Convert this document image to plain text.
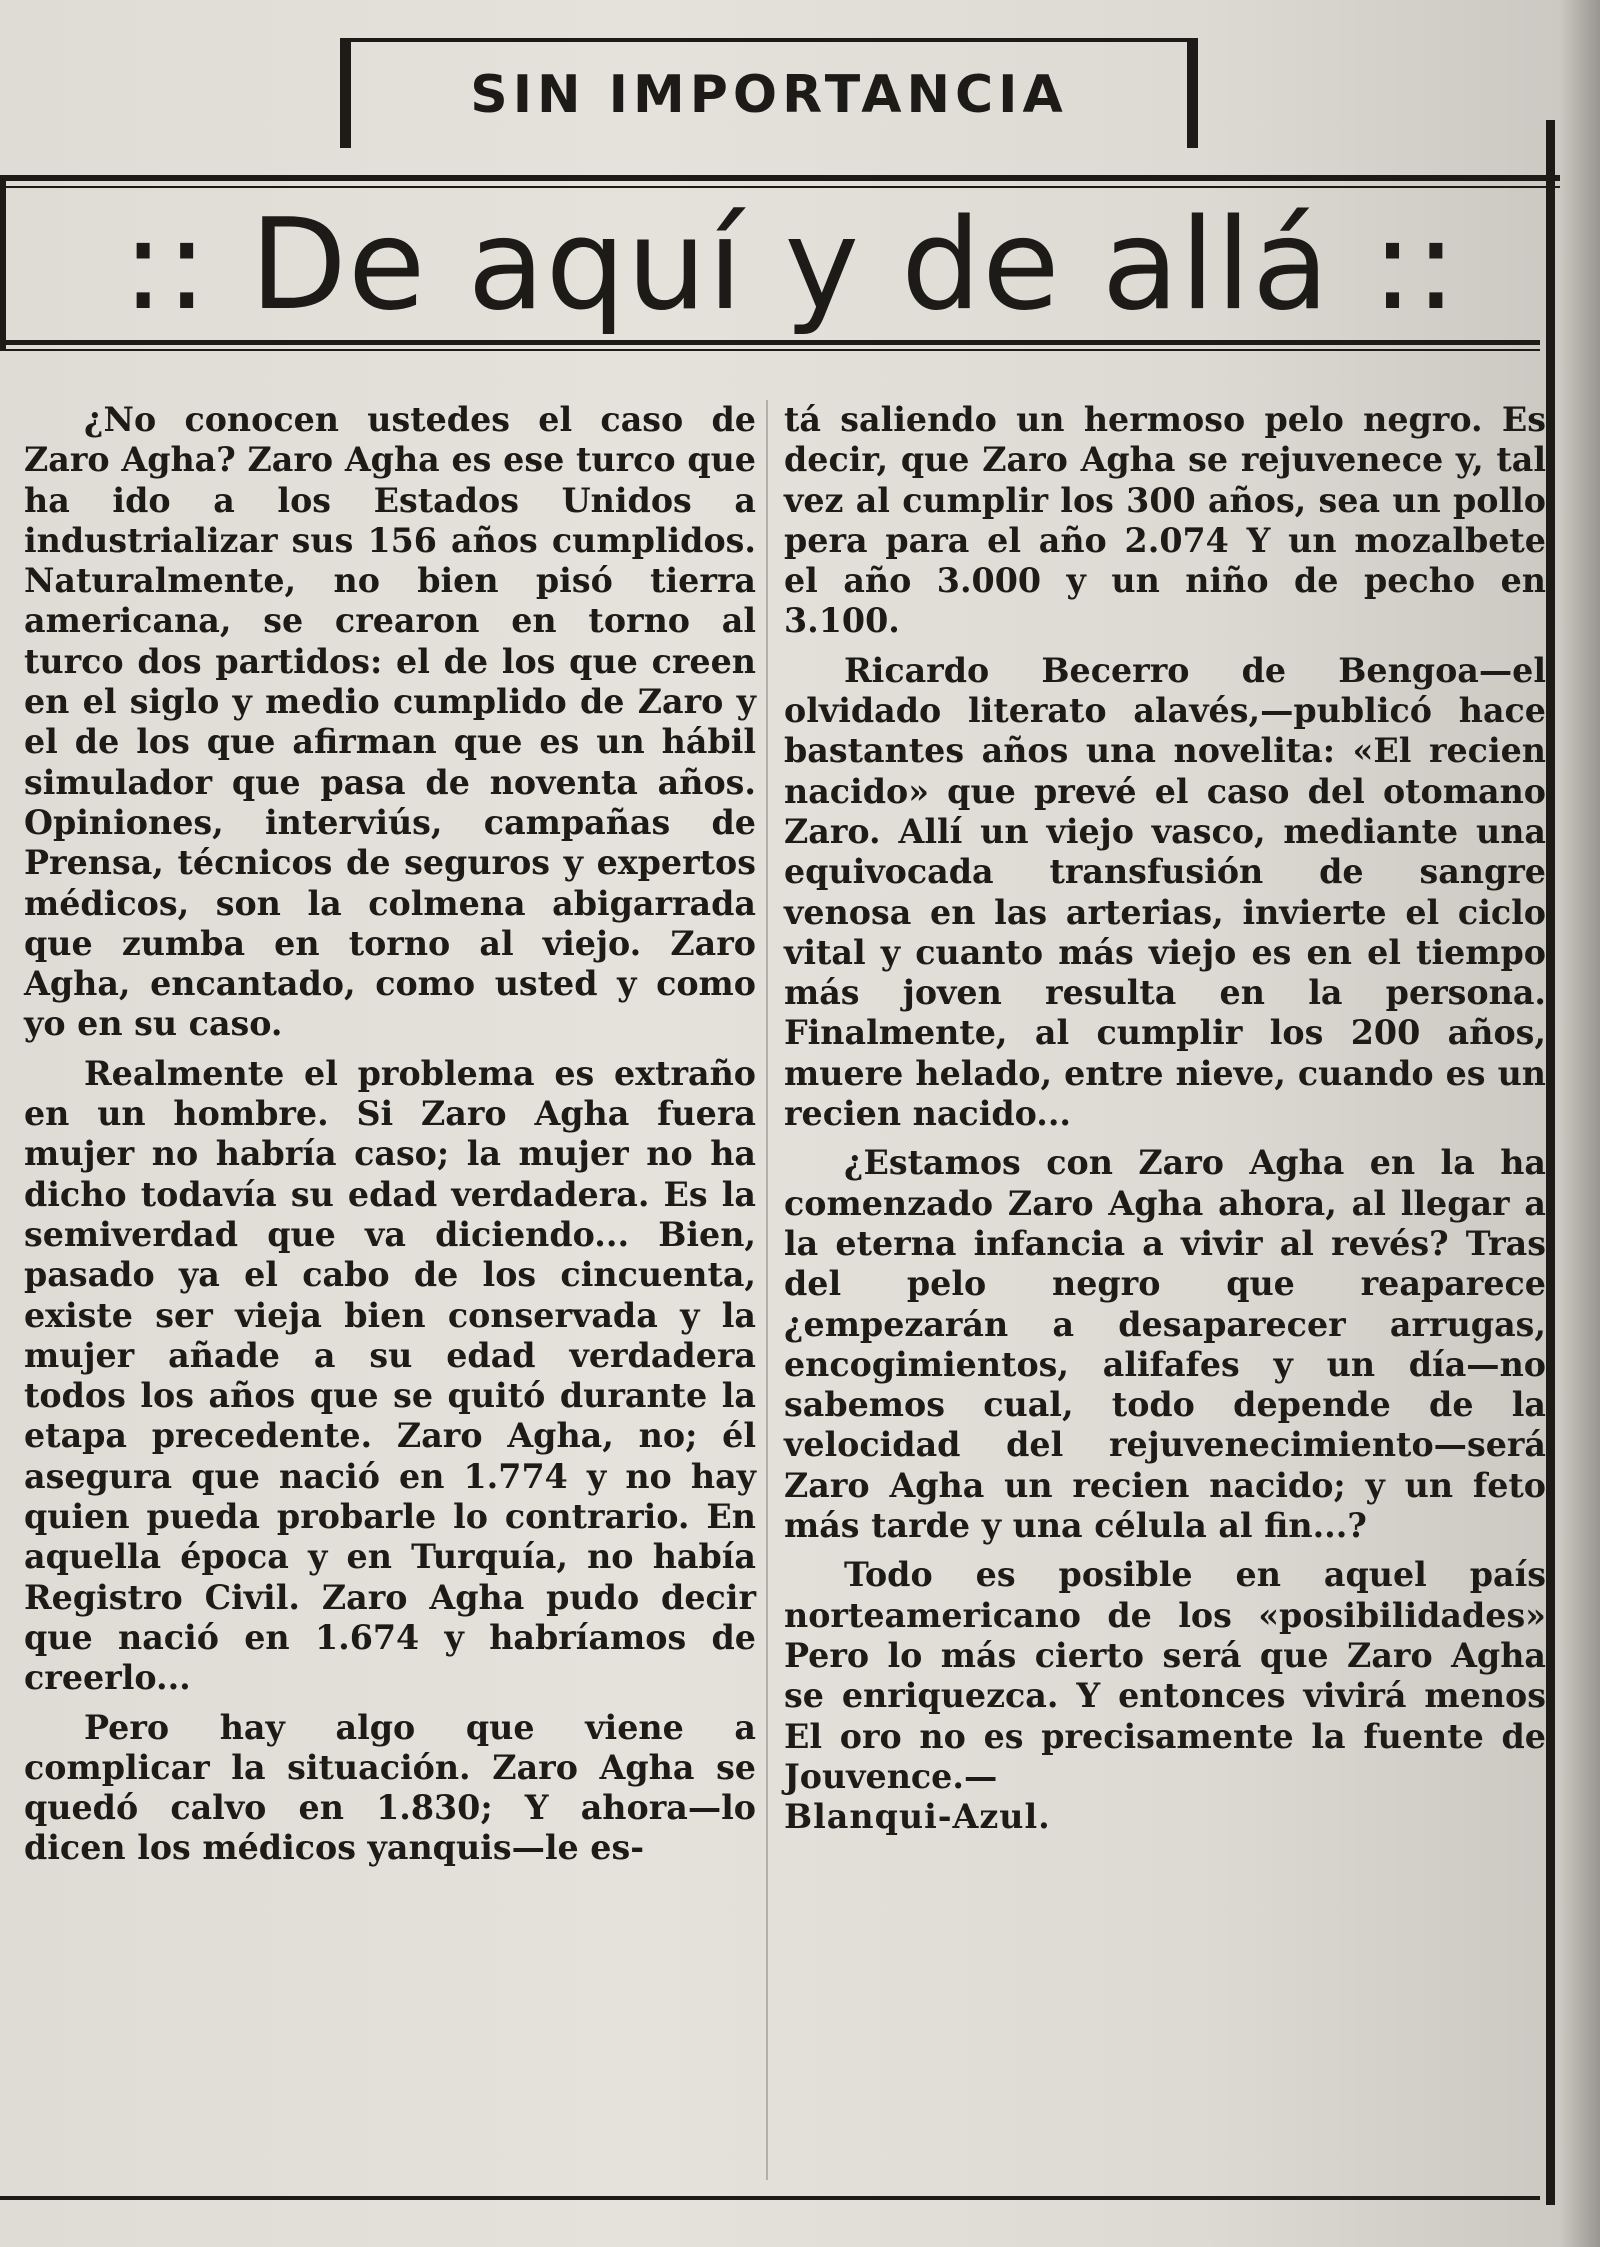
SIN IMPORTANCIA
:: De aquí y de allá ::

¿No conocen ustedes el caso de Zaro Agha? Zaro Agha es ese turco que ha ido a los Estados Unidos a industrializar sus 156 años cumplidos. Naturalmente, no bien pisó tierra americana, se crearon en torno al turco dos partidos: el de los que creen en el siglo y medio cumplido de Zaro y el de los que afirman que es un hábil simulador que pasa de noventa años. Opiniones, interviús, campañas de Prensa, técnicos de seguros y expertos médicos, son la colmena abigarrada que zumba en torno al viejo. Zaro Agha, encantado, como usted y como yo en su caso.

Realmente el problema es extraño en un hombre. Si Zaro Agha fuera mujer no habría caso; la mujer no ha dicho todavía su edad verdadera. Es la semiverdad que va diciendo... Bien, pasado ya el cabo de los cincuenta, existe ser vieja bien conservada y la mujer añade a su edad verdadera todos los años que se quitó durante la etapa precedente. Zaro Agha, no; él asegura que nació en 1.774 y no hay quien pueda probarle lo contrario. En aquella época y en Turquía, no había Registro Civil. Zaro Agha pudo decir que nació en 1.674 y habríamos de creerlo...

Pero hay algo que viene a complicar la situación. Zaro Agha se quedó calvo en 1.830; Y ahora—lo dicen los médicos yanquis—le es-

tá saliendo un hermoso pelo negro. Es decir, que Zaro Agha se rejuvenece y, tal vez al cumplir los 300 años, sea un pollo pera para el año 2.074 Y un mozalbete el año 3.000 y un niño de pecho en 3.100.

Ricardo Becerro de Bengoa—el olvidado literato alavés,—publicó hace bastantes años una novelita: «El recien nacido» que prevé el caso del otomano Zaro. Allí un viejo vasco, mediante una equivocada transfusión de sangre venosa en las arterias, invierte el ciclo vital y cuanto más viejo es en el tiempo más joven resulta en la persona. Finalmente, al cumplir los 200 años, muere helado, entre nieve, cuando es un recien nacido...

¿Estamos con Zaro Agha en la ha comenzado Zaro Agha ahora, al llegar a la eterna infancia a vivir al revés? Tras del pelo negro que reaparece ¿empezarán a desaparecer arrugas, encogimientos, alifafes y un día—no sabemos cual, todo depende de la velocidad del rejuvenecimiento—será Zaro Agha un recien nacido; y un feto más tarde y una célula al fin...?

Todo es posible en aquel país norteamericano de los «posibilidades» Pero lo más cierto será que Zaro Agha se enriquezca. Y entonces vivirá menos El oro no es precisamente la fuente de Jouvence.—

Blanqui-Azul.
